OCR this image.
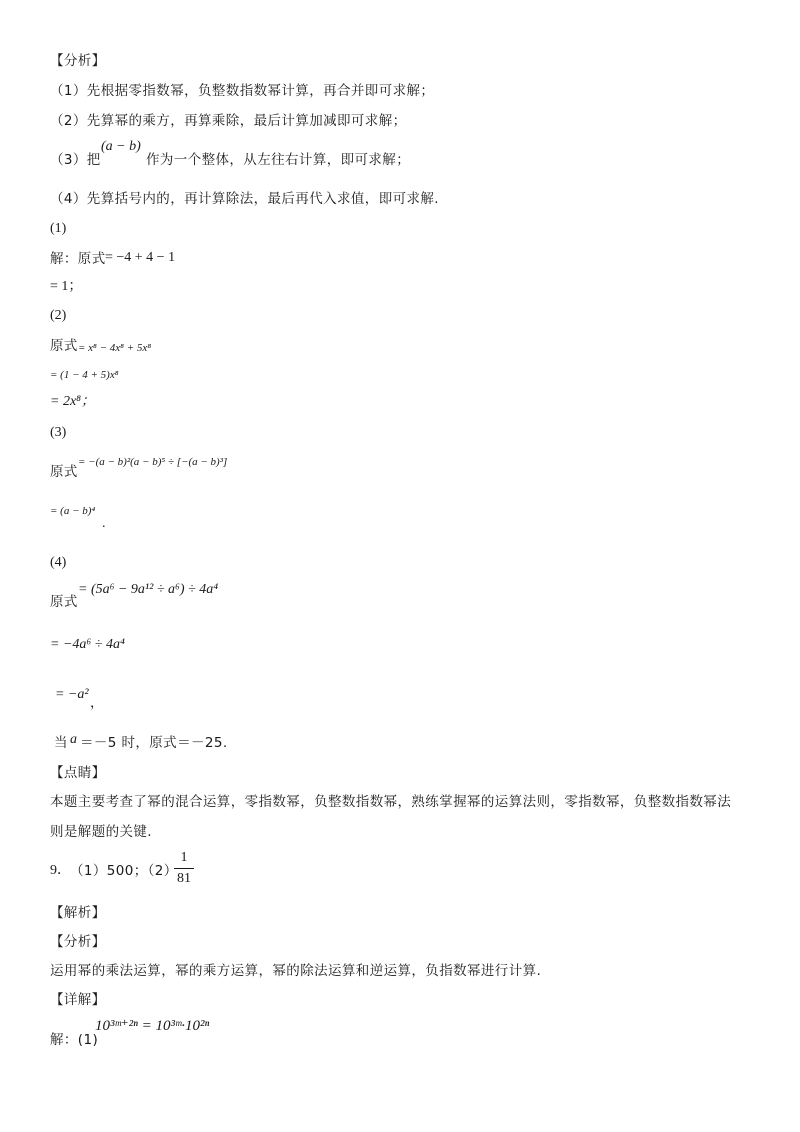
【分析】
（1）先根据零指数幂，负整数指数幂计算，再合并即可求解；
（2）先算幂的乘方，再算乘除，最后计算加减即可求解；
（3）把
(a − b)
作为一个整体，从左往右计算，即可求解；
（4）先算括号内的，再计算除法，最后再代入求值，即可求解.
(1)
解：原式 = −4 + 4 − 1
= 1；
(2)
原式 = x⁸ − 4x⁸ + 5x⁸
= (1 − 4 + 5)x⁸
= 2x⁸；
(3)
原式
= −(a − b)²(a − b)⁵ ÷ [−(a − b)³]
= (a − b)⁴
.
(4)
原式
= (5a⁶ − 9a¹² ÷ a⁶) ÷ 4a⁴
= −4a⁶ ÷ 4a⁴
= −a²
，
当 a ＝－5 时，原式＝－25.
【点睛】
本题主要考查了幂的混合运算，零指数幂，负整数指数幂，熟练掌握幂的运算法则，零指数幂，负整数指数幂法
则是解题的关键.
9． （1）500；（2）
1
81
【解析】
【分析】
运用幂的乘法运算，幂的乘方运算，幂的除法运算和逆运算，负指数幂进行计算.
【详解】
解：(1)
10³ᵐ⁺²ⁿ = 10³ᵐ·10²ⁿ
